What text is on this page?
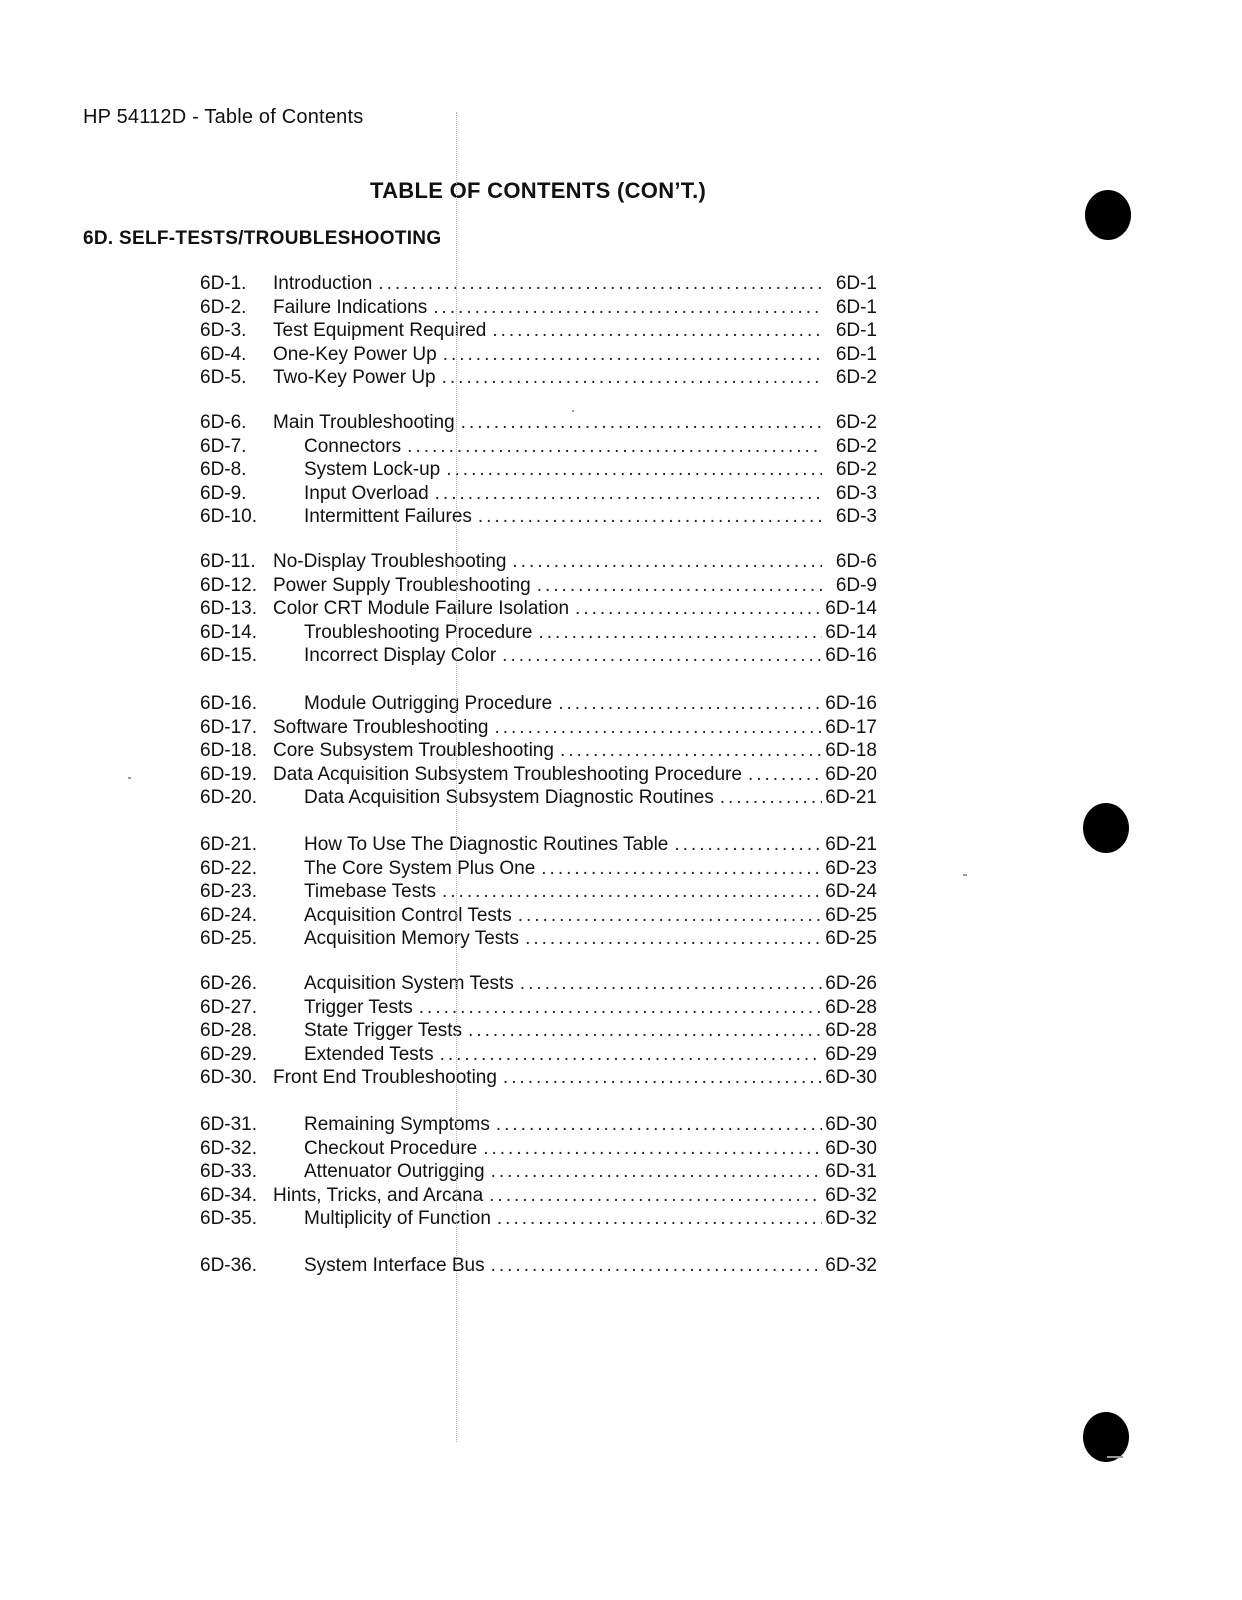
HP 54112D - Table of Contents
TABLE OF CONTENTS (CON’T.)
6D. SELF-TESTS/TROUBLESHOOTING
6D-1. Introduction .....	6D-1
6D-2. Failure Indications .....	6D-1
6D-3. Test Equipment Required .....	6D-1
6D-4. One-Key Power Up .....	6D-1
6D-5. Two-Key Power Up .....	6D-2
6D-6. Main Troubleshooting .....	6D-2
6D-7.	Connectors .....	6D-2
6D-8.	System Lock-up .....	6D-2
6D-9.	Input Overload .....	6D-3
6D-10. Intermittent Failures .....	6D-3
6D-11. No-Display Troubleshooting .....	6D-6
6D-12. Power Supply Troubleshooting .....	6D-9
6D-13. Color CRT Module Failure Isolation .....	6D-14
6D-14. Troubleshooting Procedure .....	6D-14
6D-15. Incorrect Display Color .....	6D-16
6D-16. Module Outrigging Procedure .....	6D-16
6D-17. Software Troubleshooting .....	6D-17
6D-18. Core Subsystem Troubleshooting .....	6D-18
6D-19. Data Acquisition Subsystem Troubleshooting Procedure .....	6D-20
6D-20. Data Acquisition Subsystem Diagnostic Routines .....	6D-21
6D-21. How To Use The Diagnostic Routines Table .....	6D-21
6D-22. The Core System Plus One .....	6D-23
6D-23. Timebase Tests .....	6D-24
6D-24. Acquisition Control Tests .....	6D-25
6D-25. Acquisition Memory Tests .....	6D-25
6D-26. Acquisition System Tests .....	6D-26
6D-27. Trigger Tests .....	6D-28
6D-28. State Trigger Tests .....	6D-28
6D-29. Extended Tests .....	6D-29
6D-30. Front End Troubleshooting .....	6D-30
6D-31. Remaining Symptoms .....	6D-30
6D-32. Checkout Procedure .....	6D-30
6D-33. Attenuator Outrigging .....	6D-31
6D-34. Hints, Tricks, and Arcana .....	6D-32
6D-35. Multiplicity of Function .....	6D-32
6D-36. System Interface Bus .....	6D-32
